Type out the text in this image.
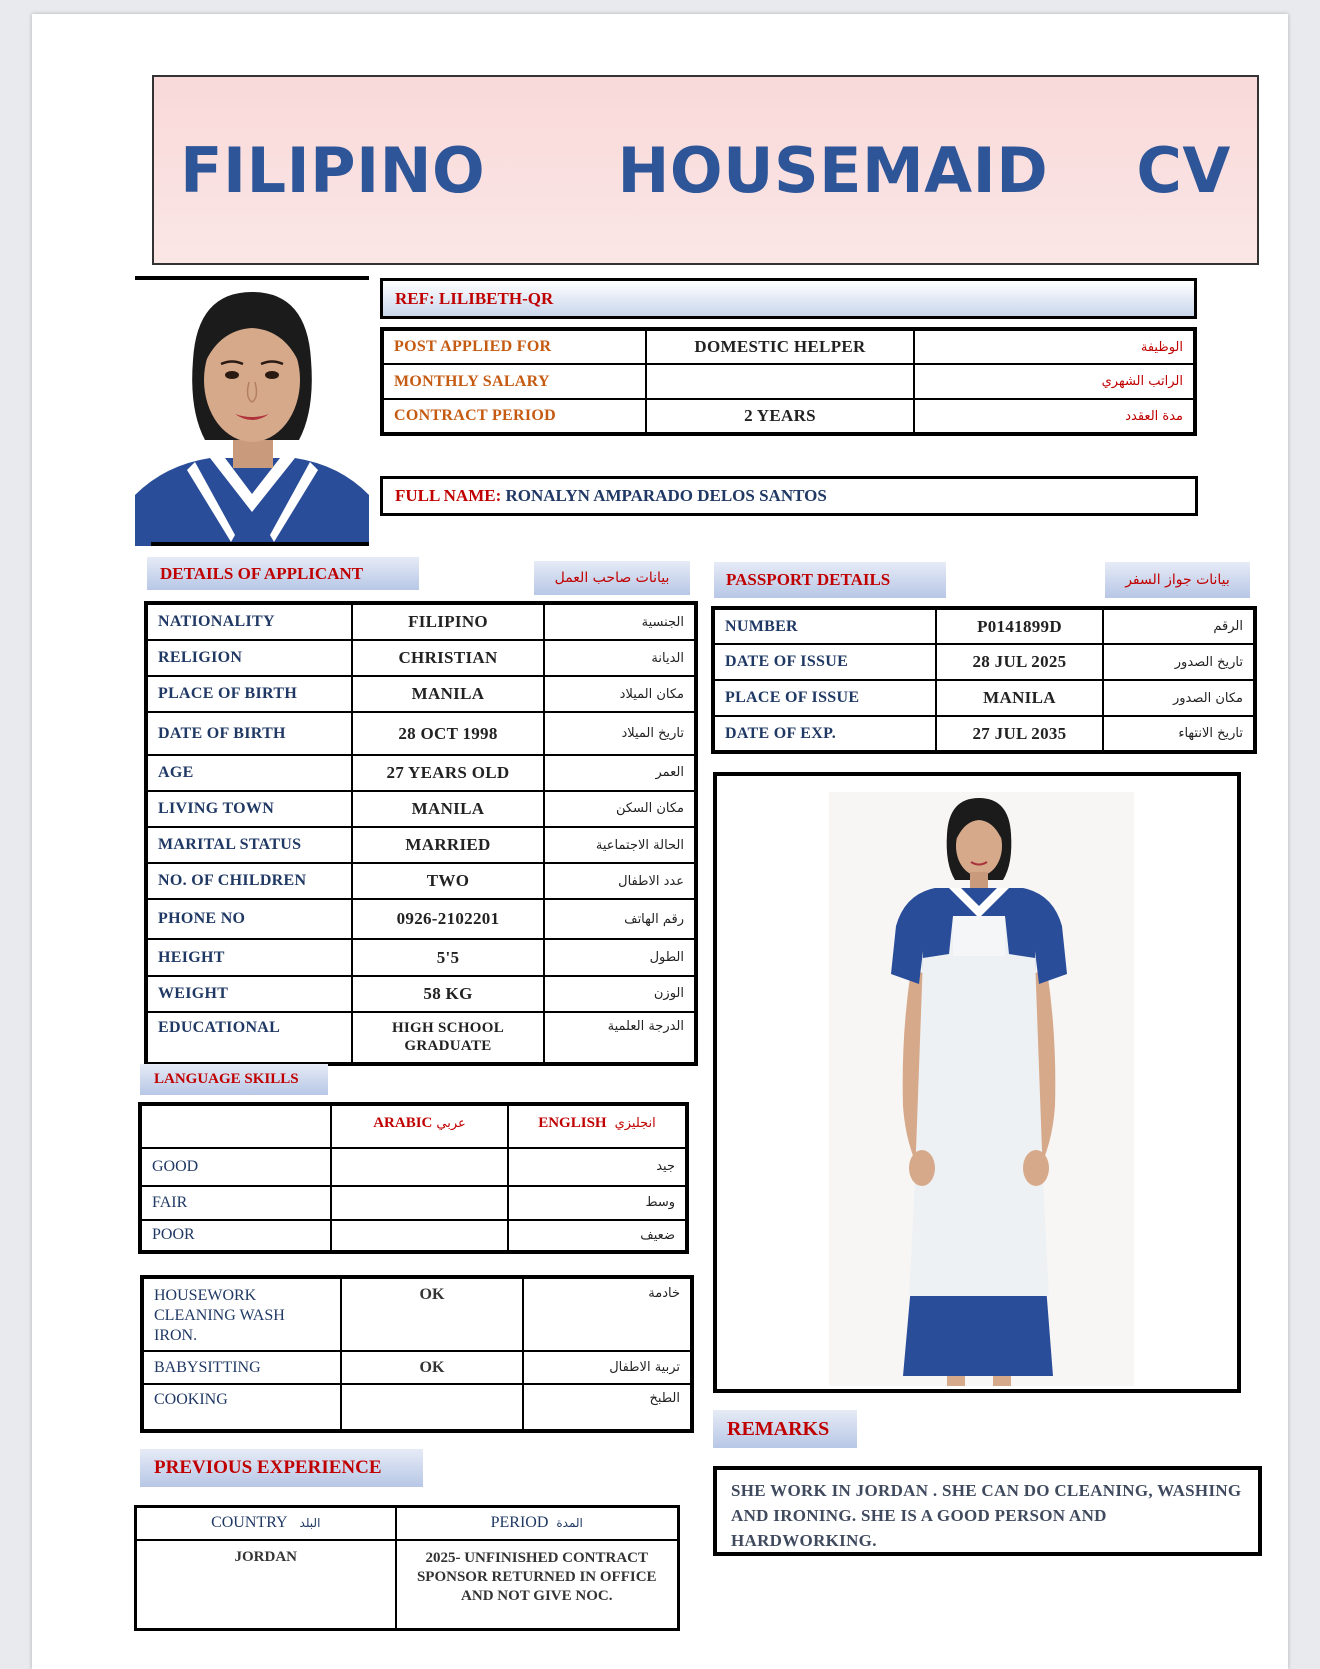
FILIPINO   HOUSEMAID  CV
REF:
LILIBETH-QR
POST APPLIED FOR	DOMESTIC HELPER	الوظيفة
MONTHLY SALARY		الراتب الشهري
CONTRACT PERIOD	2 YEARS	مدة العقدد
FULL NAME:
RONALYN AMPARADO DELOS SANTOS
DETAILS OF APPLICANT	بيانات صاحب العمل
NATIONALITY	FILIPINO	الجنسية
RELIGION	CHRISTIAN	الديانة
PLACE OF BIRTH	MANILA	مكان الميلاد
DATE OF BIRTH	28 OCT 1998	تاريخ الميلاد
AGE	27 YEARS OLD	العمر
LIVING TOWN	MANILA	مكان السكن
MARITAL STATUS	MARRIED	الحالة الاجتماعية
NO. OF CHILDREN	TWO	عدد الاطفال
PHONE NO	0926-2102201	رقم الهاتف
HEIGHT	5'5	الطول
WEIGHT	58 KG	الوزن
EDUCATIONAL	HIGH SCHOOL GRADUATE	الدرجة العلمية
LANGUAGE SKILLS
	ARABIC عربي	ENGLISH انجليزي
GOOD		جيد
FAIR		وسط
POOR		ضعيف
HOUSEWORK CLEANING WASH IRON.	OK	خادمة
BABYSITTING	OK	تربية الاطفال
COOKING		الطبخ
PREVIOUS EXPERIENCE
COUNTRY البلد	PERIOD المدة
JORDAN	2025- UNFINISHED CONTRACT SPONSOR RETURNED IN OFFICE AND NOT GIVE NOC.
PASSPORT DETAILS	بيانات جواز السفر
NUMBER	P0141899D	الرقم
DATE OF ISSUE	28 JUL 2025	تاريخ الصدور
PLACE OF ISSUE	MANILA	مكان الصدور
DATE OF EXP.	27 JUL 2035	تاريخ الانتهاء
REMARKS
SHE WORK IN JORDAN . SHE CAN DO CLEANING, WASHING AND IRONING. SHE IS A GOOD PERSON AND HARDWORKING.
